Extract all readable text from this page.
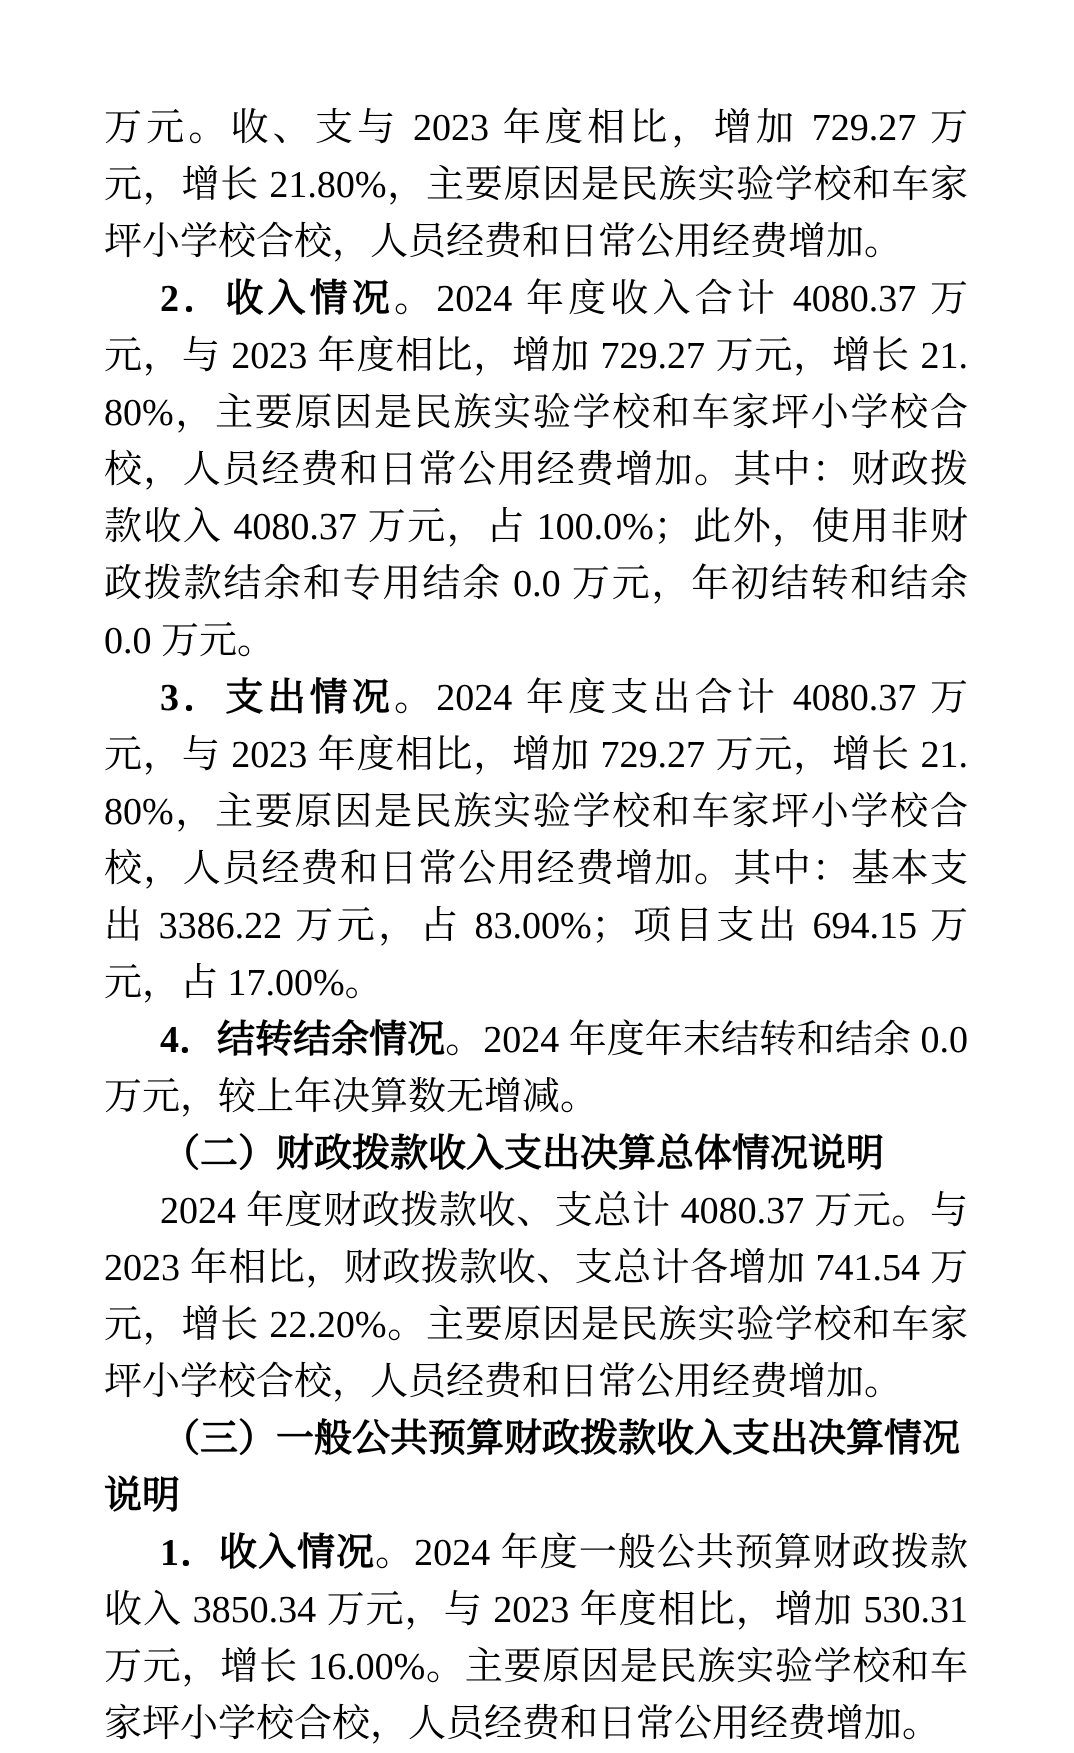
万元。收、支与 2023 年度相比，增加 729.27 万元，增长 21.80%，主要原因是民族实验学校和车家坪小学校合校，人员经费和日常公用经费增加。

2．收入情况。2024 年度收入合计 4080.37 万元，与 2023 年度相比，增加 729.27 万元，增长 21.80%，主要原因是民族实验学校和车家坪小学校合校，人员经费和日常公用经费增加。其中：财政拨款收入 4080.37 万元，占 100.0%；此外，使用非财政拨款结余和专用结余 0.0 万元，年初结转和结余 0.0 万元。

3．支出情况。2024 年度支出合计 4080.37 万元，与 2023 年度相比，增加 729.27 万元，增长 21.80%，主要原因是民族实验学校和车家坪小学校合校，人员经费和日常公用经费增加。其中：基本支出 3386.22 万元，占 83.00%；项目支出 694.15 万元，占 17.00%。

4．结转结余情况。2024 年度年末结转和结余 0.0 万元，较上年决算数无增减。

（二）财政拨款收入支出决算总体情况说明

2024 年度财政拨款收、支总计 4080.37 万元。与 2023 年相比，财政拨款收、支总计各增加 741.54 万元，增长 22.20%。主要原因是民族实验学校和车家坪小学校合校，人员经费和日常公用经费增加。

（三）一般公共预算财政拨款收入支出决算情况说明

1．收入情况。2024 年度一般公共预算财政拨款收入 3850.34 万元，与 2023 年度相比，增加 530.31 万元，增长 16.00%。主要原因是民族实验学校和车家坪小学校合校，人员经费和日常公用经费增加。
